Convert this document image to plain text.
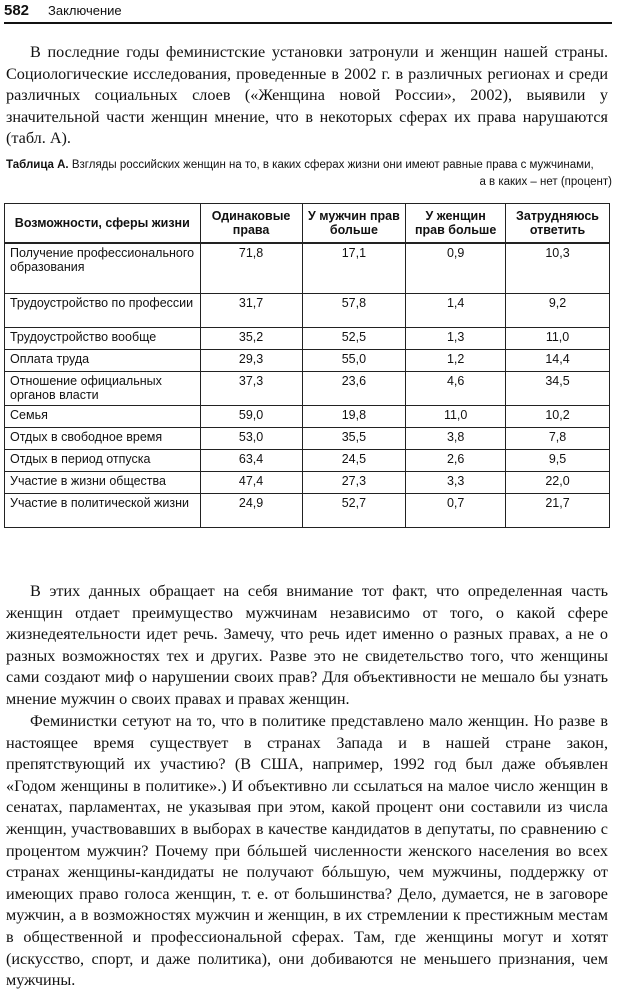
582 Заключение

В последние годы феминистские установки затронули и женщин нашей страны. Социологические исследования, проведенные в 2002 г. в различных регионах и среди различных социальных слоев («Женщина новой России», 2002), выявили у значительной части женщин мнение, что в некоторых сферах их права нарушаются (табл. А).

Таблица А. Взгляды российских женщин на то, в каких сферах жизни они имеют равные права с мужчинами,
а в каких – нет (процент)
Возможности, сферы жизни	Одинаковые права	У мужчин прав больше	У женщин прав больше	Затрудняюсь ответить
Получение профессионального образования	71,8	17,1	0,9	10,3
Трудоустройство по профессии	31,7	57,8	1,4	9,2
Трудоустройство вообще	35,2	52,5	1,3	11,0
Оплата труда	29,3	55,0	1,2	14,4
Отношение официальных органов власти	37,3	23,6	4,6	34,5
Семья	59,0	19,8	11,0	10,2
Отдых в свободное время	53,0	35,5	3,8	7,8
Отдых в период отпуска	63,4	24,5	2,6	9,5
Участие в жизни общества	47,4	27,3	3,3	22,0
Участие в политической жизни	24,9	52,7	0,7	21,7

В этих данных обращает на себя внимание тот факт, что определенная часть женщин отдает преимущество мужчинам независимо от того, о какой сфере жизнедеятельности идет речь. Замечу, что речь идет именно о разных правах, а не о разных возможностях тех и других. Разве это не свидетельство того, что женщины сами создают миф о нарушении своих прав? Для объективности не мешало бы узнать мнение мужчин о своих правах и правах женщин.

Феминистки сетуют на то, что в политике представлено мало женщин. Но разве в настоящее время существует в странах Запада и в нашей стране закон, препятствующий их участию? (В США, например, 1992 год был даже объявлен «Годом женщины в политике».) И объективно ли ссылаться на малое число женщин в сенатах, парламентах, не указывая при этом, какой процент они составили из числа женщин, участвовавших в выборах в качестве кандидатов в депутаты, по сравнению с процентом мужчин? Почему при бóльшей численности женского населения во всех странах женщины-кандидаты не получают бóльшую, чем мужчины, поддержку от имеющих право голоса женщин, т. е. от большинства? Дело, думается, не в заговоре мужчин, а в возможностях мужчин и женщин, в их стремлении к престижным местам в общественной и профессиональной сферах. Там, где женщины могут и хотят (искусство, спорт, и даже политика), они добиваются не меньшего признания, чем мужчины.
